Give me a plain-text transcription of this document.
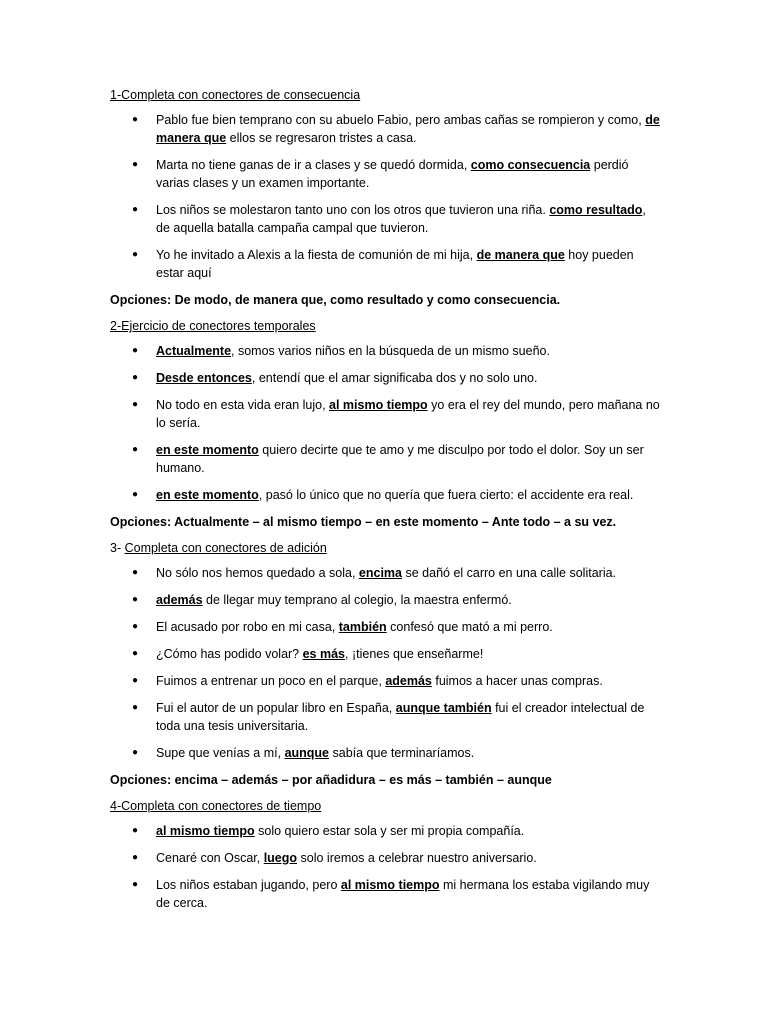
1-Completa con conectores de consecuencia
● Pablo fue bien temprano con su abuelo Fabio, pero ambas cañas se rompieron y como, de manera que ellos se regresaron tristes a casa.
● Marta no tiene ganas de ir a clases y se quedó dormida, como consecuencia perdió varias clases y un examen importante.
● Los niños se molestaron tanto uno con los otros que tuvieron una riña. como resultado, de aquella batalla campaña campal que tuvieron.
● Yo he invitado a Alexis a la fiesta de comunión de mi hija, de manera que hoy pueden estar aquí
Opciones: De modo, de manera que, como resultado y como consecuencia.
2-Ejercicio de conectores temporales
● Actualmente, somos varios niños en la búsqueda de un mismo sueño.
● Desde entonces, entendí que el amar significaba dos y no solo uno.
● No todo en esta vida eran lujo, al mismo tiempo yo era el rey del mundo, pero mañana no lo sería.
● en este momento quiero decirte que te amo y me disculpo por todo el dolor. Soy un ser humano.
● en este momento, pasó lo único que no quería que fuera cierto: el accidente era real.
Opciones: Actualmente – al mismo tiempo – en este momento – Ante todo – a su vez.
3- Completa con conectores de adición
● No sólo nos hemos quedado a sola, encima se dañó el carro en una calle solitaria.
● además de llegar muy temprano al colegio, la maestra enfermó.
● El acusado por robo en mi casa, también confesó que mató a mi perro.
● ¿Cómo has podido volar? es más, ¡tienes que enseñarme!
● Fuimos a entrenar un poco en el parque, además fuimos a hacer unas compras.
● Fui el autor de un popular libro en España, aunque también fui el creador intelectual de toda una tesis universitaria.
● Supe que venías a mí, aunque sabía que terminaríamos.
Opciones: encima – además – por añadidura – es más – también – aunque
4-Completa con conectores de tiempo
● al mismo tiempo solo quiero estar sola y ser mi propia compañía.
● Cenaré con Oscar, luego solo iremos a celebrar nuestro aniversario.
● Los niños estaban jugando, pero al mismo tiempo mi hermana los estaba vigilando muy de cerca.
